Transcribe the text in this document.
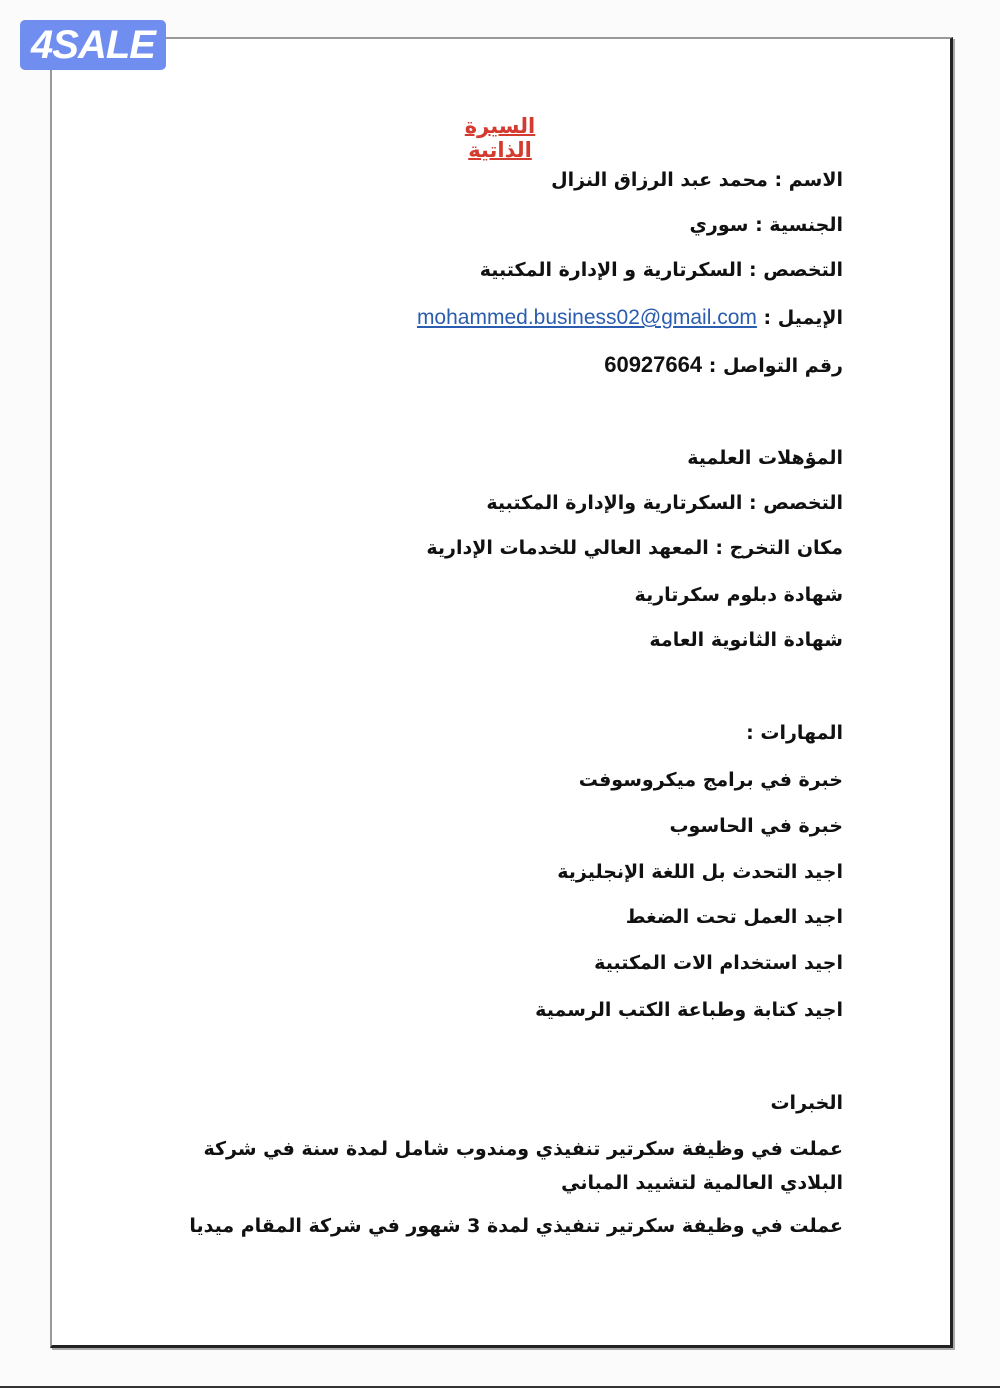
4SALE
السيرة الذاتية
الاسم : محمد عبد الرزاق النزال
الجنسية : سوري
التخصص : السكرتارية و الإدارة المكتبية
الإيميل : mohammed.business02@gmail.com
رقم التواصل : 60927664
المؤهلات العلمية
التخصص : السكرتارية والإدارة المكتبية
مكان التخرج : المعهد العالي للخدمات الإدارية
شهادة دبلوم سكرتارية
شهادة الثانوية العامة
المهارات :
خبرة في برامج ميكروسوفت
خبرة في الحاسوب
اجيد التحدث بل اللغة الإنجليزية
اجيد العمل تحت الضغط
اجيد استخدام الات المكتبية
اجيد كتابة وطباعة الكتب الرسمية
الخبرات
عملت في وظيفة سكرتير تنفيذي ومندوب شامل لمدة سنة في شركة البلادي العالمية لتشييد المباني
عملت في وظيفة سكرتير تنفيذي لمدة 3 شهور في شركة المقام ميديا
